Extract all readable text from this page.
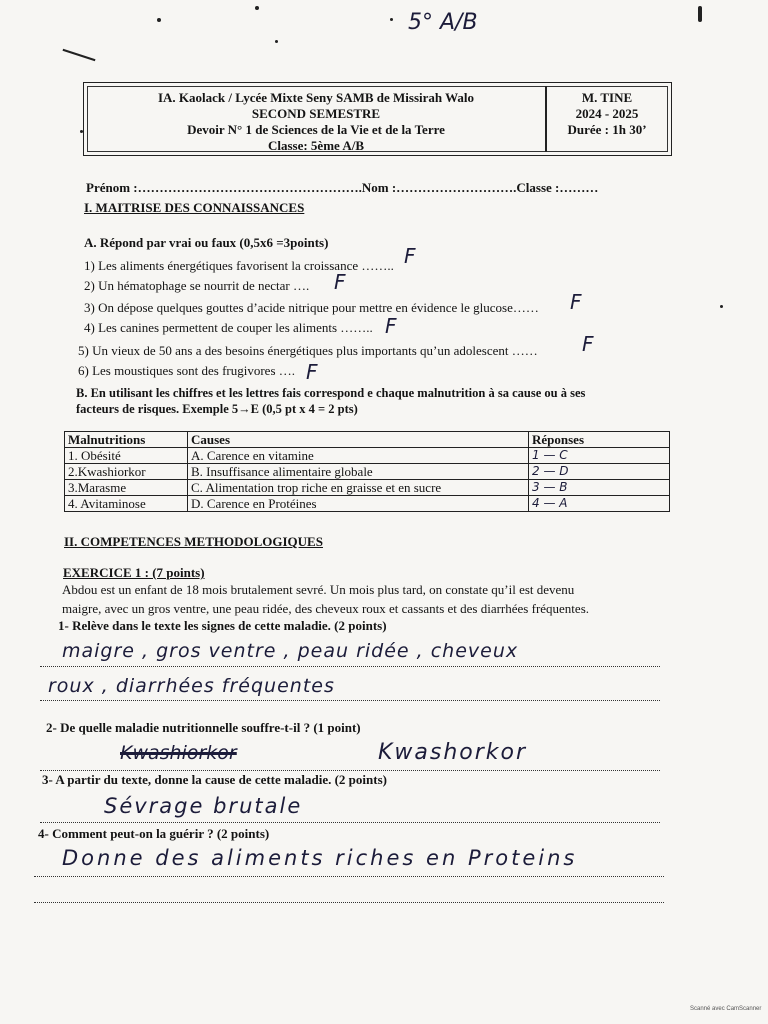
5° A/B
IA. Kaolack / Lycée Mixte Seny SAMB de Missirah Walo
SECOND SEMESTRE
Devoir N° 1 de Sciences de la Vie et de la Terre
Classe: 5ème A/B
M. TINE
2024 - 2025
Durée : 1h 30’
Prénom :…………………………………………….Nom :……………………….Classe :………
I. MAITRISE DES CONNAISSANCES
A. Répond par vrai ou faux (0,5x6 =3points)
1) Les aliments énergétiques favorisent la croissance …….. F
2) Un hématophage se nourrit de nectar …. F
3) On dépose quelques gouttes d’acide nitrique pour mettre en évidence le glucose…… F
4) Les canines permettent de couper les aliments …….. F
5) Un vieux de 50 ans a des besoins énergétiques plus importants qu’un adolescent …… F
6) Les moustiques sont des frugivores …. F
B. En utilisant les chiffres et les lettres fais correspond e chaque malnutrition à sa cause ou à ses
facteurs de risques. Exemple 5→E (0,5 pt x 4 = 2 pts)
Malnutritions	Causes	Réponses
1. Obésité	A. Carence en vitamine	1 — C
2.Kwashiorkor	B. Insuffisance alimentaire globale	2 — D
3.Marasme	C. Alimentation trop riche en graisse et en sucre	3 — B
4. Avitaminose	D. Carence en Protéines	4 — A
II. COMPETENCES METHODOLOGIQUES
EXERCICE 1 : (7 points)
Abdou est un enfant de 18 mois brutalement sevré. Un mois plus tard, on constate qu’il est devenu
maigre, avec un gros ventre, une peau ridée, des cheveux roux et cassants et des diarrhées fréquentes.
1- Relève dans le texte les signes de cette maladie. (2 points)
maigre , gros ventre , peau ridée , cheveux
roux , diarrhées fréquentes
2- De quelle maladie nutritionnelle souffre-t-il ? (1 point)
Kwashiorkor	Kwashorkor
3- A partir du texte, donne la cause de cette maladie. (2 points)
Sévrage brutale
4- Comment peut-on la guérir ? (2 points)
Donne des aliments riches en Proteins
Scanné avec CamScanner
